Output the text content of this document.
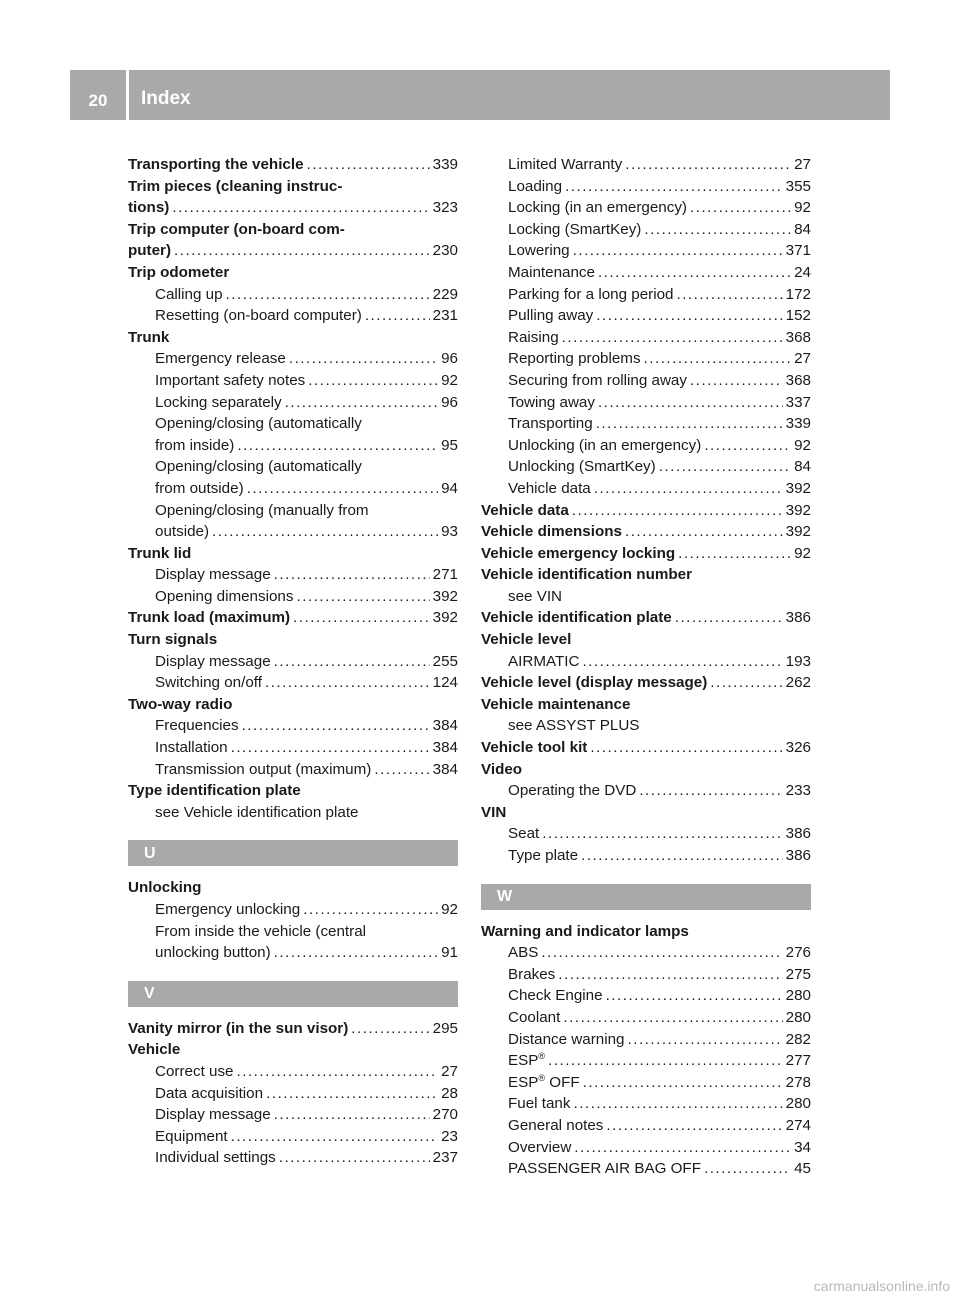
20 Index
Transporting the vehicle .....	339
Trim pieces (cleaning instruc-
tions) .....	323
Trip computer (on-board com-
puter) .....	230
Trip odometer
Calling up .....	229
Resetting (on-board computer) .....	231
Trunk
Emergency release .....	96
Important safety notes .....	92
Locking separately .....	96
Opening/closing (automatically
from inside) .....	95
Opening/closing (automatically
from outside) .....	94
Opening/closing (manually from
outside) .....	93
Trunk lid
Display message .....	271
Opening dimensions .....	392
Trunk load (maximum) .....	392
Turn signals
Display message .....	255
Switching on/off .....	124
Two-way radio
Frequencies .....	384
Installation .....	384
Transmission output (maximum) .....	384
Type identification plate
see Vehicle identification plate
U
Unlocking
Emergency unlocking .....	92
From inside the vehicle (central
unlocking button) .....	91
V
Vanity mirror (in the sun visor) .....	295
Vehicle
Correct use .....	27
Data acquisition .....	28
Display message .....	270
Equipment .....	23
Individual settings .....	237
Limited Warranty .....	27
Loading .....	355
Locking (in an emergency) .....	92
Locking (SmartKey) .....	84
Lowering .....	371
Maintenance .....	24
Parking for a long period .....	172
Pulling away .....	152
Raising .....	368
Reporting problems .....	27
Securing from rolling away .....	368
Towing away .....	337
Transporting .....	339
Unlocking (in an emergency) .....	92
Unlocking (SmartKey) .....	84
Vehicle data .....	392
Vehicle data .....	392
Vehicle dimensions .....	392
Vehicle emergency locking .....	92
Vehicle identification number
see VIN
Vehicle identification plate .....	386
Vehicle level
AIRMATIC .....	193
Vehicle level (display message) .....	262
Vehicle maintenance
see ASSYST PLUS
Vehicle tool kit .....	326
Video
Operating the DVD .....	233
VIN
Seat .....	386
Type plate .....	386
W
Warning and indicator lamps
ABS .....	276
Brakes .....	275
Check Engine .....	280
Coolant .....	280
Distance warning .....	282
ESP® .....	277
ESP® OFF .....	278
Fuel tank .....	280
General notes .....	274
Overview .....	34
PASSENGER AIR BAG OFF .....	45
carmanualsonline.info
